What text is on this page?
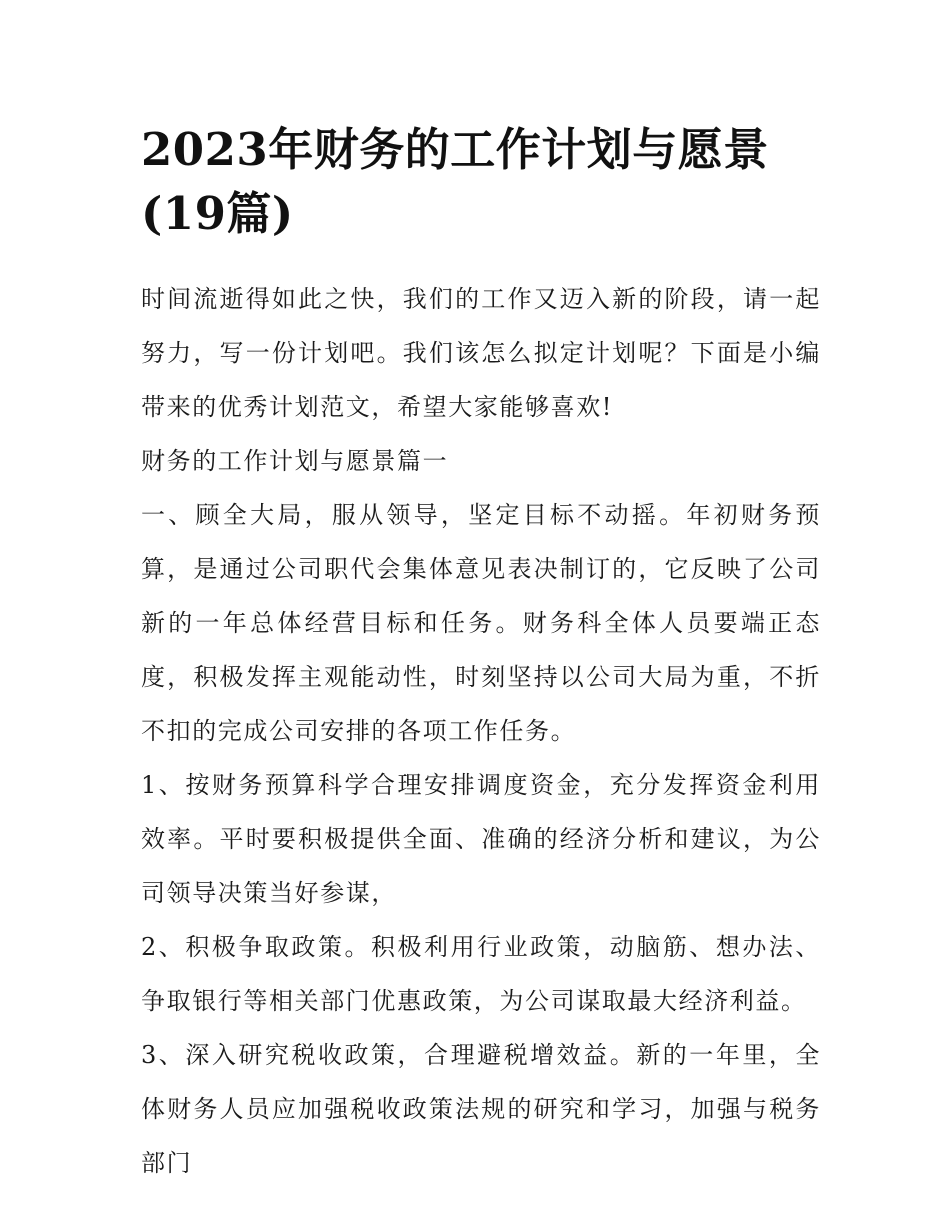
2023年财务的工作计划与愿景
(19篇)

时间流逝得如此之快，我们的工作又迈入新的阶段，请一起努力，写一份计划吧。我们该怎么拟定计划呢？下面是小编带来的优秀计划范文，希望大家能够喜欢!

财务的工作计划与愿景篇一

一、顾全大局，服从领导，坚定目标不动摇。年初财务预算，是通过公司职代会集体意见表决制订的，它反映了公司新的一年总体经营目标和任务。财务科全体人员要端正态度，积极发挥主观能动性，时刻坚持以公司大局为重，不折不扣的完成公司安排的各项工作任务。

1、按财务预算科学合理安排调度资金，充分发挥资金利用效率。平时要积极提供全面、准确的经济分析和建议，为公司领导决策当好参谋，

2、积极争取政策。积极利用行业政策，动脑筋、想办法、争取银行等相关部门优惠政策，为公司谋取最大经济利益。

3、深入研究税收政策，合理避税增效益。新的一年里，全体财务人员应加强税收政策法规的研究和学习，加强与税务部门
